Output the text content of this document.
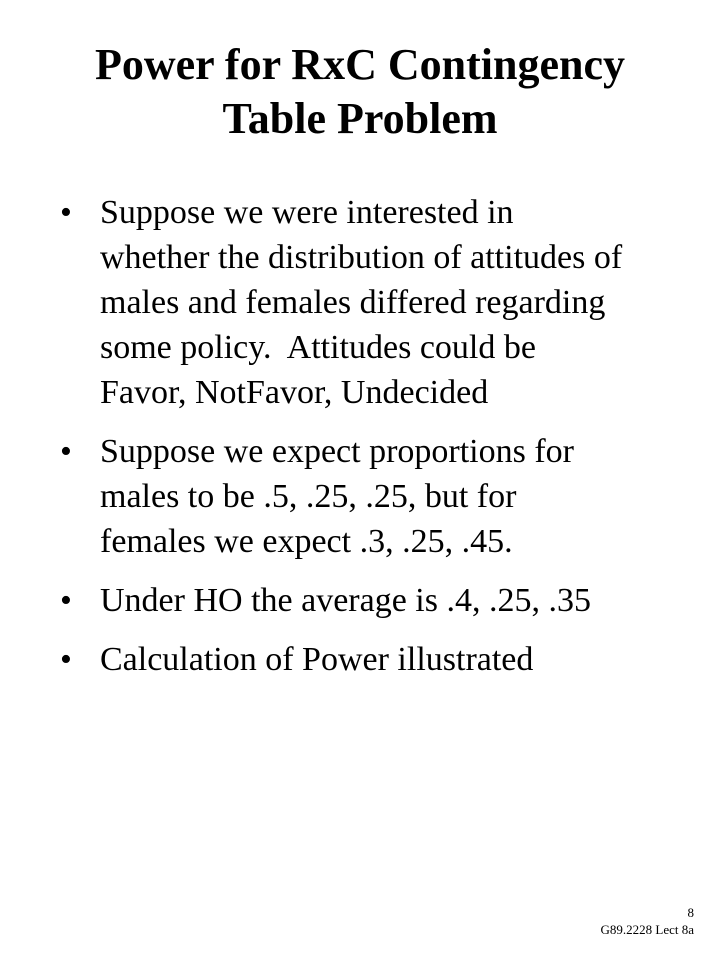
Power for RxC Contingency
Table Problem
• Suppose we were interested in
whether the distribution of attitudes of
males and females differed regarding
some policy.  Attitudes could be
Favor, NotFavor, Undecided
• Suppose we expect proportions for
males to be .5, .25, .25, but for
females we expect .3, .25, .45.
• Under HO the average is .4, .25, .35
• Calculation of Power illustrated
8
G89.2228 Lect 8a
